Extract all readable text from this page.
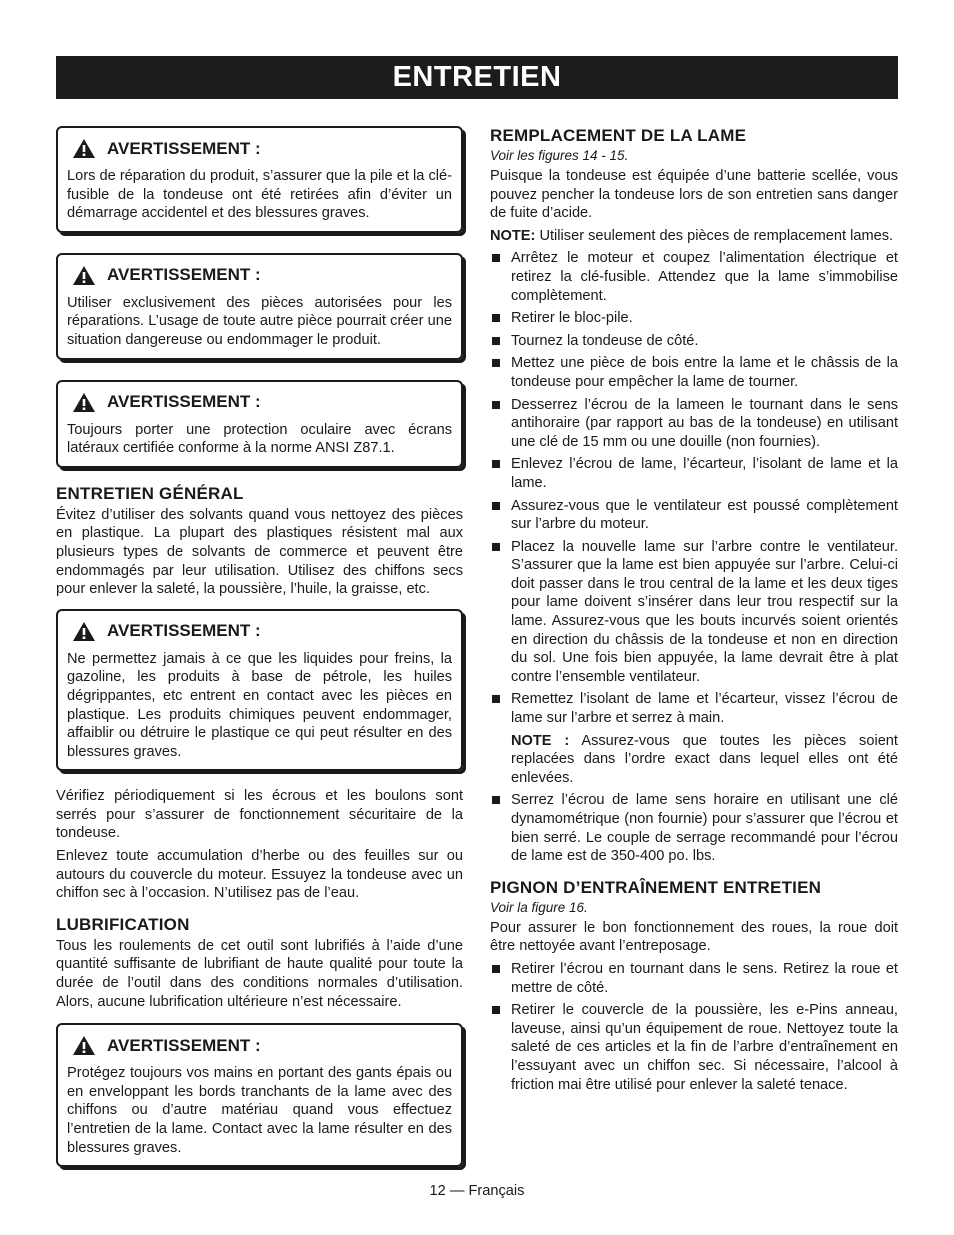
ENTRETIEN
AVERTISSEMENT :
Lors de réparation du produit, s’assurer que la pile et la clé-fusible de la tondeuse ont été retirées afin d’éviter un démarrage accidentel et des blessures graves.
AVERTISSEMENT :
Utiliser exclusivement des pièces autorisées pour les réparations. L’usage de toute autre pièce pourrait créer une situation dangereuse ou endommager le produit.
AVERTISSEMENT :
Toujours porter une protection oculaire avec écrans latéraux certifiée conforme à la norme ANSI Z87.1.
ENTRETIEN GÉNÉRAL

Évitez d’utiliser des solvants quand vous nettoyez des pièces en plastique. La plupart des plastiques résistent mal aux plusieurs types de solvants de commerce et peuvent être endommagés par leur utilisation. Utilisez des chiffons secs pour enlever la saleté, la poussière, l’huile, la graisse, etc.

AVERTISSEMENT :
Ne permettez jamais à ce que les liquides pour freins, la gazoline, les produits à base de pétrole, les huiles dégrippantes, etc entrent en contact avec les pièces en plastique. Les produits chimiques peuvent endommager, affaiblir ou détruire le plastique ce qui peut résulter en des blessures graves.

Vérifiez périodiquement si les écrous et les boulons sont serrés pour s’assurer de fonctionnement sécuritaire de la tondeuse.

Enlevez toute accumulation d’herbe ou des feuilles sur ou autours du couvercle du moteur. Essuyez la tondeuse avec un chiffon sec à l’occasion. N’utilisez pas de l’eau.

LUBRIFICATION

Tous les roulements de cet outil sont lubrifiés à l’aide d’une quantité suffisante de lubrifiant de haute qualité pour toute la durée de l’outil dans des conditions normales d’utilisation. Alors, aucune lubrification ultérieure n’est nécessaire.

AVERTISSEMENT :
Protégez toujours vos mains en portant des gants épais ou en enveloppant les bords tranchants de la lame avec des chiffons ou d’autre matériau quand vous effectuez l’entretien de la lame. Contact avec la lame résulter en des blessures graves.
REMPLACEMENT DE LA LAME
Voir les figures 14 - 15.

Puisque la tondeuse est équipée d’une batterie scellée, vous pouvez pencher la tondeuse lors de son entretien sans danger de fuite d’acide.

NOTE: Utiliser seulement des pièces de remplacement lames.

Arrêtez le moteur et coupez l’alimentation électrique et retirez la clé-fusible. Attendez que la lame s’immobilise complètement.
Retirer le bloc-pile.
Tournez la tondeuse de côté.
Mettez une pièce de bois entre la lame et le châssis de la tondeuse pour empêcher la lame de tourner.
Desserrez l’écrou de la lameen le tournant dans le sens antihoraire (par rapport au bas de la tondeuse) en utilisant une clé de 15 mm ou une douille (non fournies).
Enlevez l’écrou de lame, l’écarteur, l’isolant de lame et la lame.
Assurez-vous que le ventilateur est poussé complètement sur l’arbre du moteur.
Placez la nouvelle lame sur l’arbre contre le ventilateur. S’assurer que la lame est bien appuyée sur l’arbre. Celui-ci doit passer dans le trou central de la lame et les deux tiges pour lame doivent s’insérer dans leur trou respectif sur la lame. Assurez-vous que les bouts incurvés soient orientés en direction du châssis de la tondeuse et non en direction du sol. Une fois bien appuyée, la lame devrait être à plat contre l’ensemble ventilateur.
Remettez l’isolant de lame et l’écarteur, vissez l’écrou de lame sur l’arbre et serrez à main.

NOTE : Assurez-vous que toutes les pièces soient replacées dans l’ordre exact dans lequel elles ont été enlevées.

Serrez l’écrou de lame sens horaire en utilisant une clé dynamométrique (non fournie) pour s’assurer que l’écrou et bien serré. Le couple de serrage recommandé pour l’écrou de lame est de 350-400 po. lbs.
PIGNON D’ENTRAÎNEMENT ENTRETIEN
Voir la figure 16.

Pour assurer le bon fonctionnement des roues, la roue doit être nettoyée avant l’entreposage.

Retirer l’écrou en tournant dans le sens. Retirez la roue et mettre de côté.
Retirer le couvercle de la poussière, les e-Pins anneau, laveuse, ainsi qu’un équipement de roue. Nettoyez toute la saleté de ces articles et la fin de l’arbre d’entraînement en l’essuyant avec un chiffon sec. Si nécessaire, l’alcool à friction mai être utilisé pour enlever la saleté tenace.
12 — Français
